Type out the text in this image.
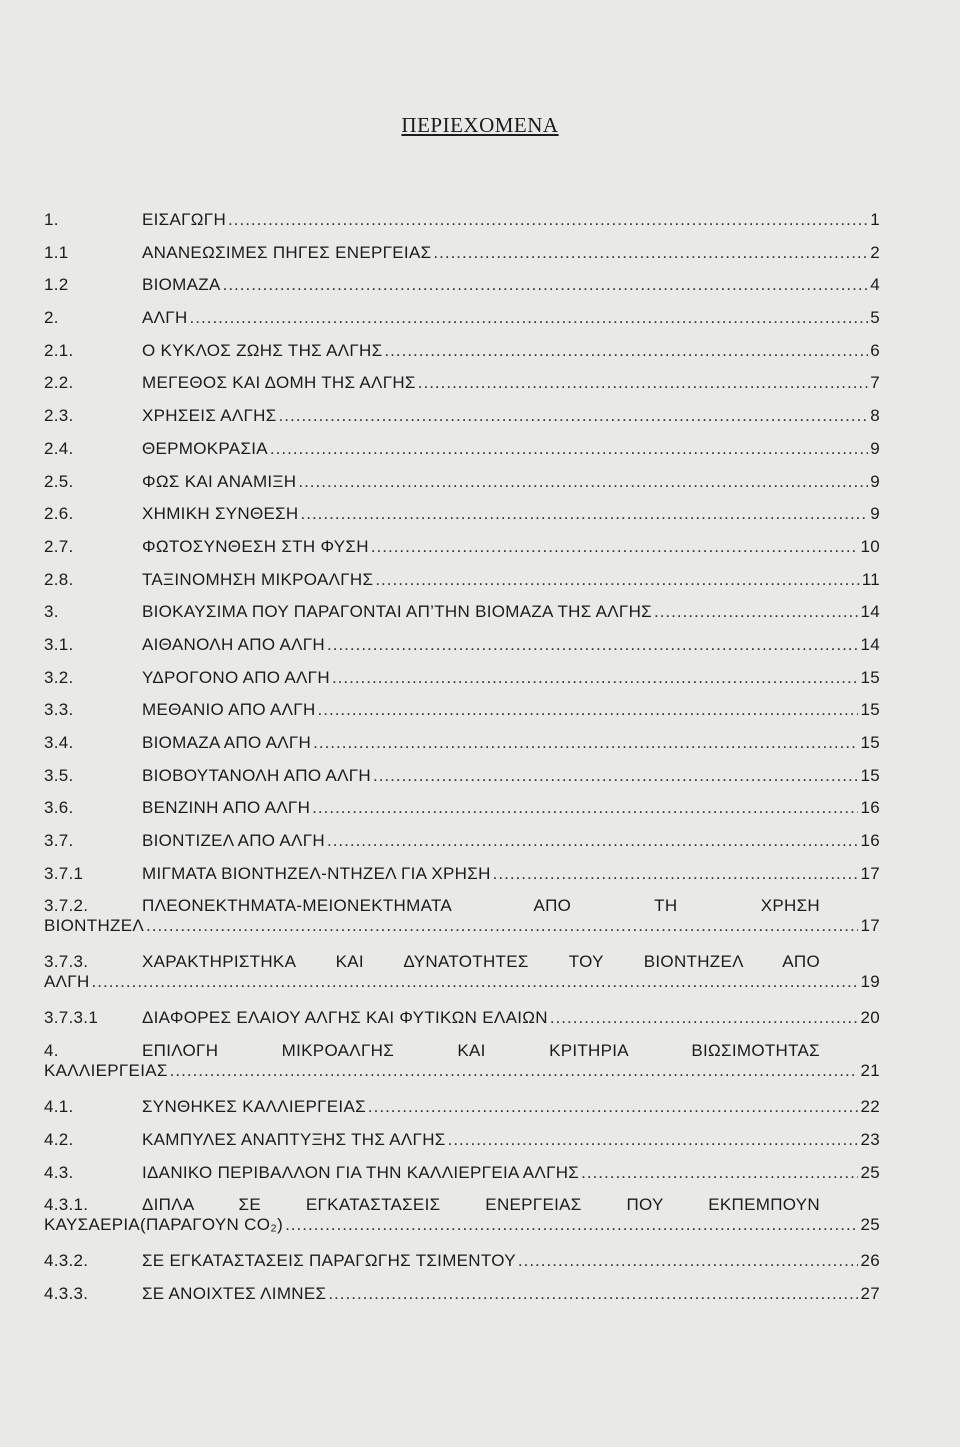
ΠΕΡΙΕΧΟΜΕΝΑ
1.	ΕΙΣΑΓΩΓΗ .....	1
1.1	ΑΝΑΝΕΩΣΙΜΕΣ ΠΗΓΕΣ ΕΝΕΡΓΕΙΑΣ .....	2
1.2	ΒΙΟΜΑΖΑ .....	4
2.	ΑΛΓΗ .....	5
2.1.	Ο ΚΥΚΛΟΣ ΖΩΗΣ ΤΗΣ ΑΛΓΗΣ .....	6
2.2.	ΜΕΓΕΘΟΣ ΚΑΙ ΔΟΜΗ ΤΗΣ ΑΛΓΗΣ .....	7
2.3.	ΧΡΗΣΕΙΣ ΑΛΓΗΣ .....	8
2.4.	ΘΕΡΜΟΚΡΑΣΙΑ .....	9
2.5.	ΦΩΣ ΚΑΙ ΑΝΑΜΙΞΗ .....	9
2.6.	ΧΗΜΙΚΗ ΣΥΝΘΕΣΗ .....	9
2.7.	ΦΩΤΟΣΥΝΘΕΣΗ ΣΤΗ ΦΥΣΗ .....	10
2.8.	ΤΑΞΙΝΟΜΗΣΗ ΜΙΚΡΟΑΛΓΗΣ .....	11
3.	ΒΙΟΚΑΥΣΙΜΑ ΠΟΥ ΠΑΡΑΓΟΝΤΑΙ ΑΠ’ΤΗΝ ΒΙΟΜΑΖΑ ΤΗΣ ΑΛΓΗΣ .....	14
3.1.	ΑΙΘΑΝΟΛΗ ΑΠΟ ΑΛΓΗ .....	14
3.2.	ΥΔΡΟΓΟΝΟ ΑΠΟ ΑΛΓΗ .....	15
3.3.	ΜΕΘΑΝΙΟ ΑΠΟ ΑΛΓΗ .....	15
3.4.	ΒΙΟΜΑΖΑ ΑΠΟ ΑΛΓΗ .....	15
3.5.	ΒΙΟΒΟΥΤΑΝΟΛΗ ΑΠΟ ΑΛΓΗ .....	15
3.6.	ΒΕΝΖΙΝΗ ΑΠΟ ΑΛΓΗ .....	16
3.7.	ΒΙΟΝΤΙΖΕΛ ΑΠΟ ΑΛΓΗ .....	16
3.7.1	ΜΙΓΜΑΤΑ ΒΙΟΝΤΗΖΕΛ-ΝΤΗΖΕΛ ΓΙΑ ΧΡΗΣΗ .....	17
3.7.2.	ΠΛΕΟΝΕΚΤΗΜΑΤΑ-ΜΕΙΟΝΕΚΤΗΜΑΤΑ ΑΠΟ ΤΗ ΧΡΗΣΗ
ΒΙΟΝΤΗΖΕΛ .....	17
3.7.3.	ΧΑΡΑΚΤΗΡΙΣΤΗΚΑ ΚΑΙ ΔΥΝΑΤΟΤΗΤΕΣ ΤΟΥ ΒΙΟΝΤΗΖΕΛ ΑΠΟ
ΑΛΓΗ .....	19
3.7.3.1	ΔΙΑΦΟΡΕΣ ΕΛΑΙΟΥ ΑΛΓΗΣ ΚΑΙ ΦΥΤΙΚΩΝ ΕΛΑΙΩΝ .....	20
4.	ΕΠΙΛΟΓΗ ΜΙΚΡΟΑΛΓΗΣ ΚΑΙ ΚΡΙΤΗΡΙΑ ΒΙΩΣΙΜΟΤΗΤΑΣ
ΚΑΛΛΙΕΡΓΕΙΑΣ .....	21
4.1.	ΣΥΝΘΗΚΕΣ ΚΑΛΛΙΕΡΓΕΙΑΣ .....	22
4.2.	ΚΑΜΠΥΛΕΣ ΑΝΑΠΤΥΞΗΣ ΤΗΣ ΑΛΓΗΣ .....	23
4.3.	ΙΔΑΝΙΚΟ ΠΕΡΙΒΑΛΛΟΝ ΓΙΑ ΤΗΝ ΚΑΛΛΙΕΡΓΕΙΑ ΑΛΓΗΣ .....	25
4.3.1.	ΔΙΠΛΑ ΣΕ ΕΓΚΑΤΑΣΤΑΣΕΙΣ ΕΝΕΡΓΕΙΑΣ ΠΟΥ ΕΚΠΕΜΠΟΥΝ
ΚΑΥΣΑΕΡΙΑ(ΠΑΡΑΓΟΥΝ CO₂) .....	25
4.3.2.	ΣΕ ΕΓΚΑΤΑΣΤΑΣΕΙΣ ΠΑΡΑΓΩΓΗΣ ΤΣΙΜΕΝΤΟΥ .....	26
4.3.3.	ΣΕ ΑΝΟΙΧΤΕΣ ΛΙΜΝΕΣ .....	27
